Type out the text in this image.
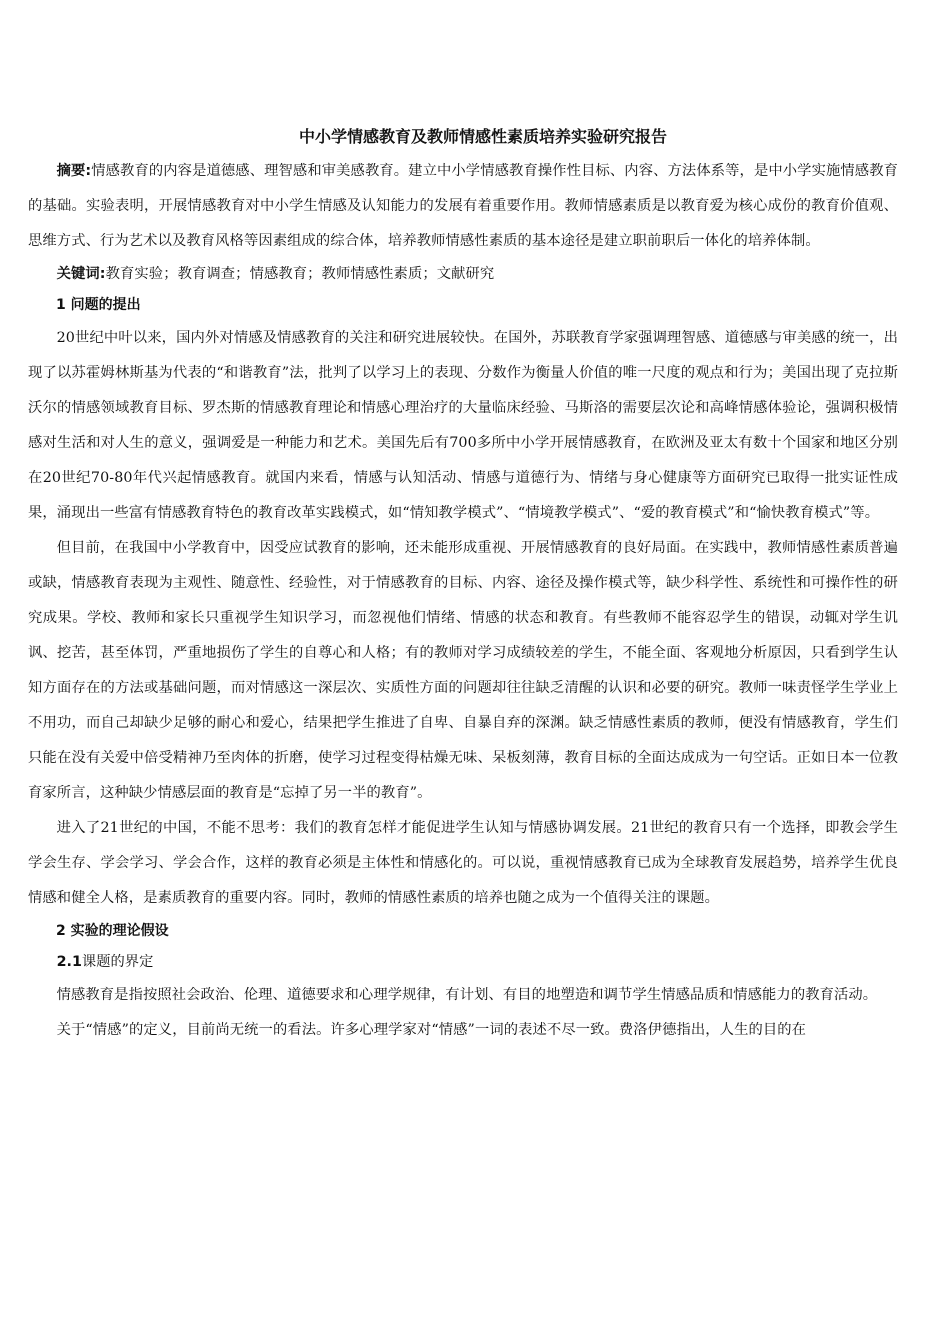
中小学情感教育及教师情感性素质培养实验研究报告

摘要:情感教育的内容是道德感、理智感和审美感教育。建立中小学情感教育操作性目标、内容、方法体系等，是中小学实施情感教育的基础。实验表明，开展情感教育对中小学生情感及认知能力的发展有着重要作用。教师情感素质是以教育爱为核心成份的教育价值观、思维方式、行为艺术以及教育风格等因素组成的综合体，培养教师情感性素质的基本途径是建立职前职后一体化的培养体制。

关键词:教育实验；教育调查；情感教育；教师情感性素质；文献研究

1 问题的提出

20世纪中叶以来，国内外对情感及情感教育的关注和研究进展较快。在国外，苏联教育学家强调理智感、道德感与审美感的统一，出现了以苏霍姆林斯基为代表的“和谐教育”法，批判了以学习上的表现、分数作为衡量人价值的唯一尺度的观点和行为；美国出现了克拉斯沃尔的情感领域教育目标、罗杰斯的情感教育理论和情感心理治疗的大量临床经验、马斯洛的需要层次论和高峰情感体验论，强调积极情感对生活和对人生的意义，强调爱是一种能力和艺术。美国先后有700多所中小学开展情感教育，在欧洲及亚太有数十个国家和地区分别在20世纪70-80年代兴起情感教育。就国内来看，情感与认知活动、情感与道德行为、情绪与身心健康等方面研究已取得一批实证性成果，涌现出一些富有情感教育特色的教育改革实践模式，如“情知教学模式”、“情境教学模式”、“爱的教育模式”和“愉快教育模式”等。

但目前，在我国中小学教育中，因受应试教育的影响，还未能形成重视、开展情感教育的良好局面。在实践中，教师情感性素质普遍或缺，情感教育表现为主观性、随意性、经验性，对于情感教育的目标、内容、途径及操作模式等，缺少科学性、系统性和可操作性的研究成果。学校、教师和家长只重视学生知识学习，而忽视他们情绪、情感的状态和教育。有些教师不能容忍学生的错误，动辄对学生讥讽、挖苦，甚至体罚，严重地损伤了学生的自尊心和人格；有的教师对学习成绩较差的学生，不能全面、客观地分析原因，只看到学生认知方面存在的方法或基础问题，而对情感这一深层次、实质性方面的问题却往往缺乏清醒的认识和必要的研究。教师一味责怪学生学业上不用功，而自己却缺少足够的耐心和爱心，结果把学生推进了自卑、自暴自弃的深渊。缺乏情感性素质的教师，便没有情感教育，学生们只能在没有关爱中倍受精神乃至肉体的折磨，使学习过程变得枯燥无味、呆板刻薄，教育目标的全面达成成为一句空话。正如日本一位教育家所言，这种缺少情感层面的教育是“忘掉了另一半的教育”。

进入了21世纪的中国，不能不思考：我们的教育怎样才能促进学生认知与情感协调发展。21世纪的教育只有一个选择，即教会学生学会生存、学会学习、学会合作，这样的教育必须是主体性和情感化的。可以说，重视情感教育已成为全球教育发展趋势，培养学生优良情感和健全人格，是素质教育的重要内容。同时，教师的情感性素质的培养也随之成为一个值得关注的课题。

2 实验的理论假设

2.1课题的界定

情感教育是指按照社会政治、伦理、道德要求和心理学规律，有计划、有目的地塑造和调节学生情感品质和情感能力的教育活动。

关于“情感”的定义，目前尚无统一的看法。许多心理学家对“情感”一词的表述不尽一致。费洛伊德指出，人生的目的在
